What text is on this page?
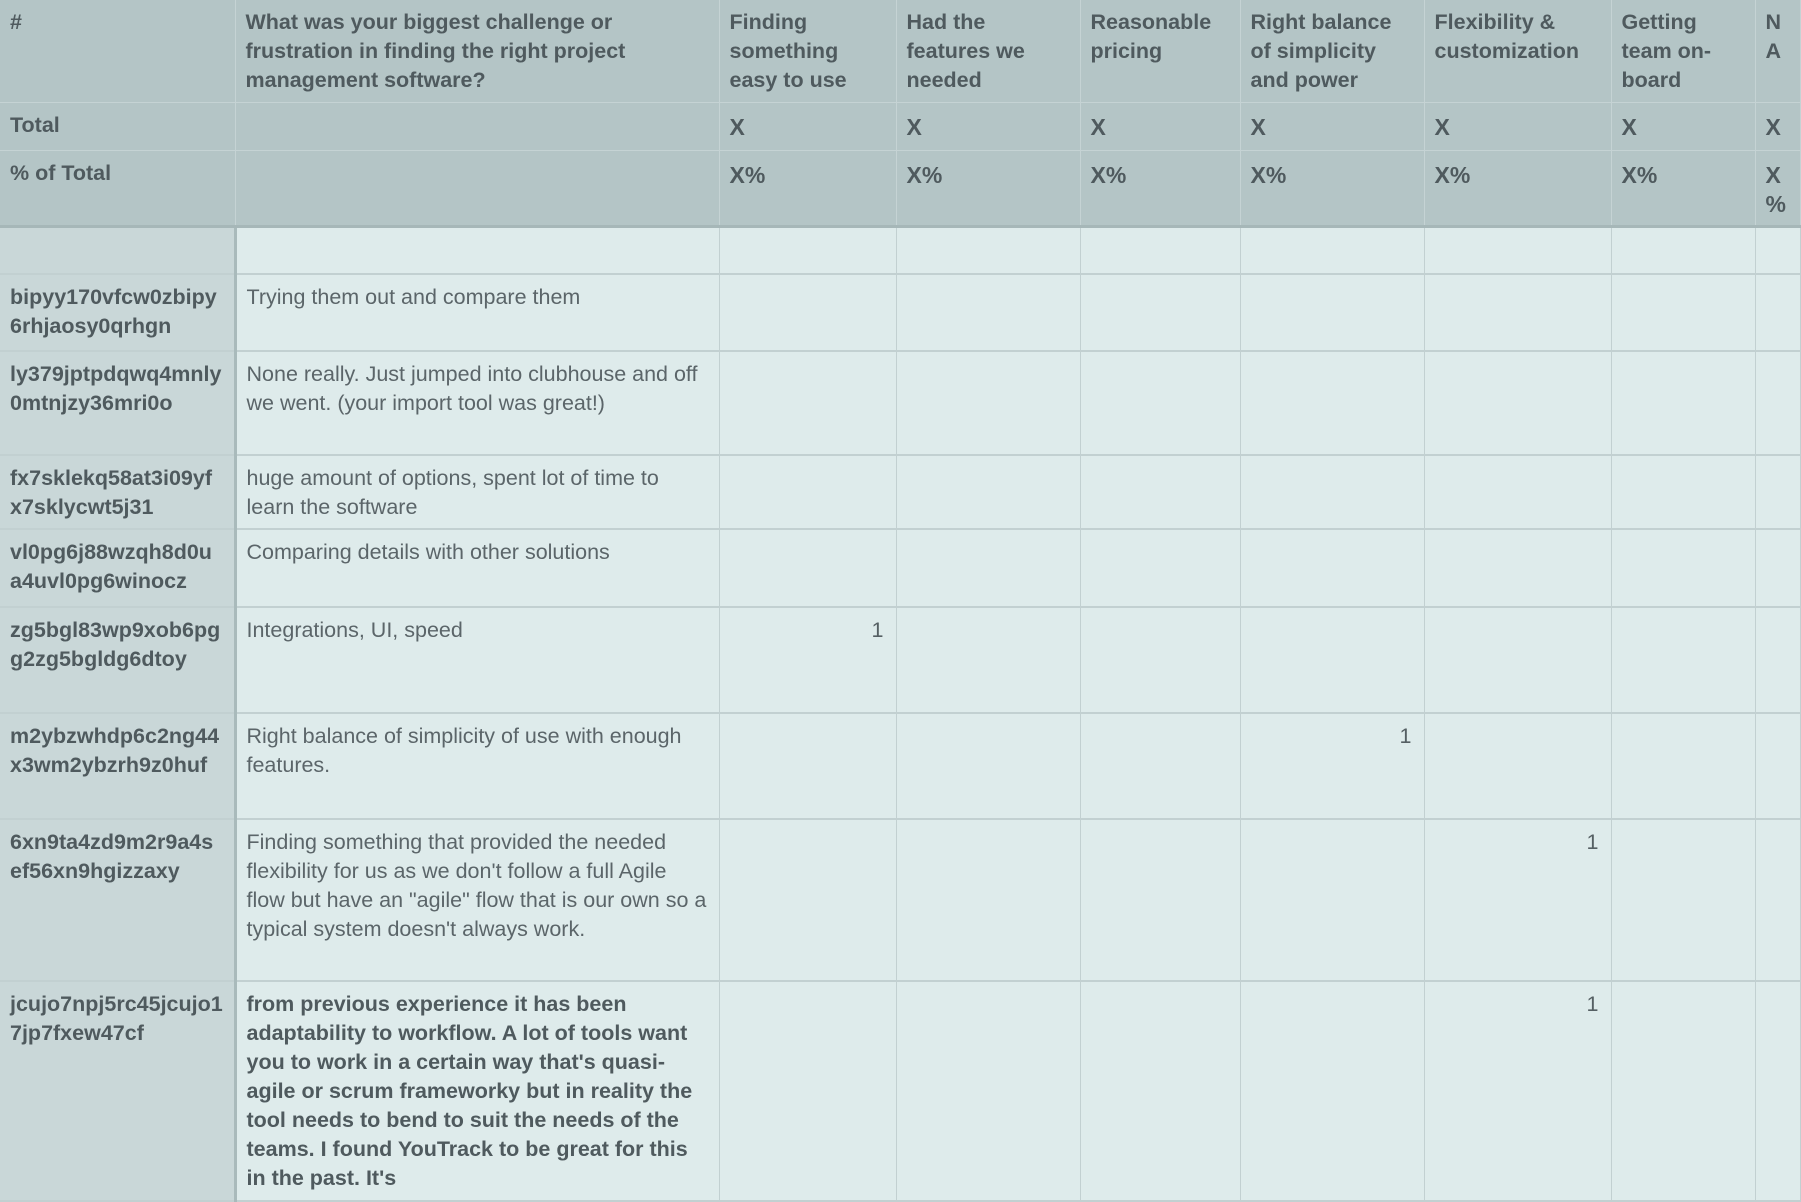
#	What was your biggest challenge or frustration in finding the right project management software?	Finding something easy to use	Had the features we needed	Reasonable pricing	Right balance of simplicity and power	Flexibility & customization	Getting team on-board	NA
Total		X	X	X	X	X	X	X
% of Total		X%	X%	X%	X%	X%	X%	X%

bipyy170vfcw0zbipy6rhjaosy0qrhgn	Trying them out and compare them							
ly379jptpdqwq4mnly0mtnjzy36mri0o	None really. Just jumped into clubhouse and off we went. (your import tool was great!)							
fx7sklekq58at3i09yfx7sklycwt5j31	huge amount of options, spent lot of time to learn the software							
vl0pg6j88wzqh8d0ua4uvl0pg6winocz	Comparing details with other solutions							
zg5bgl83wp9xob6pgg2zg5bgldg6dtoy	Integrations, UI, speed	1						
m2ybzwhdp6c2ng44x3wm2ybzrh9z0huf	Right balance of simplicity of use with enough features.				1			
6xn9ta4zd9m2r9a4sef56xn9hgizzaxy	Finding something that provided the needed flexibility for us as we don't follow a full Agile flow but have an "agile" flow that is our own so a typical system doesn't always work.					1		
jcujo7npj5rc45jcujo17jp7fxew47cf	from previous experience it has been adaptability to workflow. A lot of tools want you to work in a certain way that's quasi-agile or scrum frameworky but in reality the tool needs to bend to suit the needs of the teams. I found YouTrack to be great for this in the past. It's					1		
